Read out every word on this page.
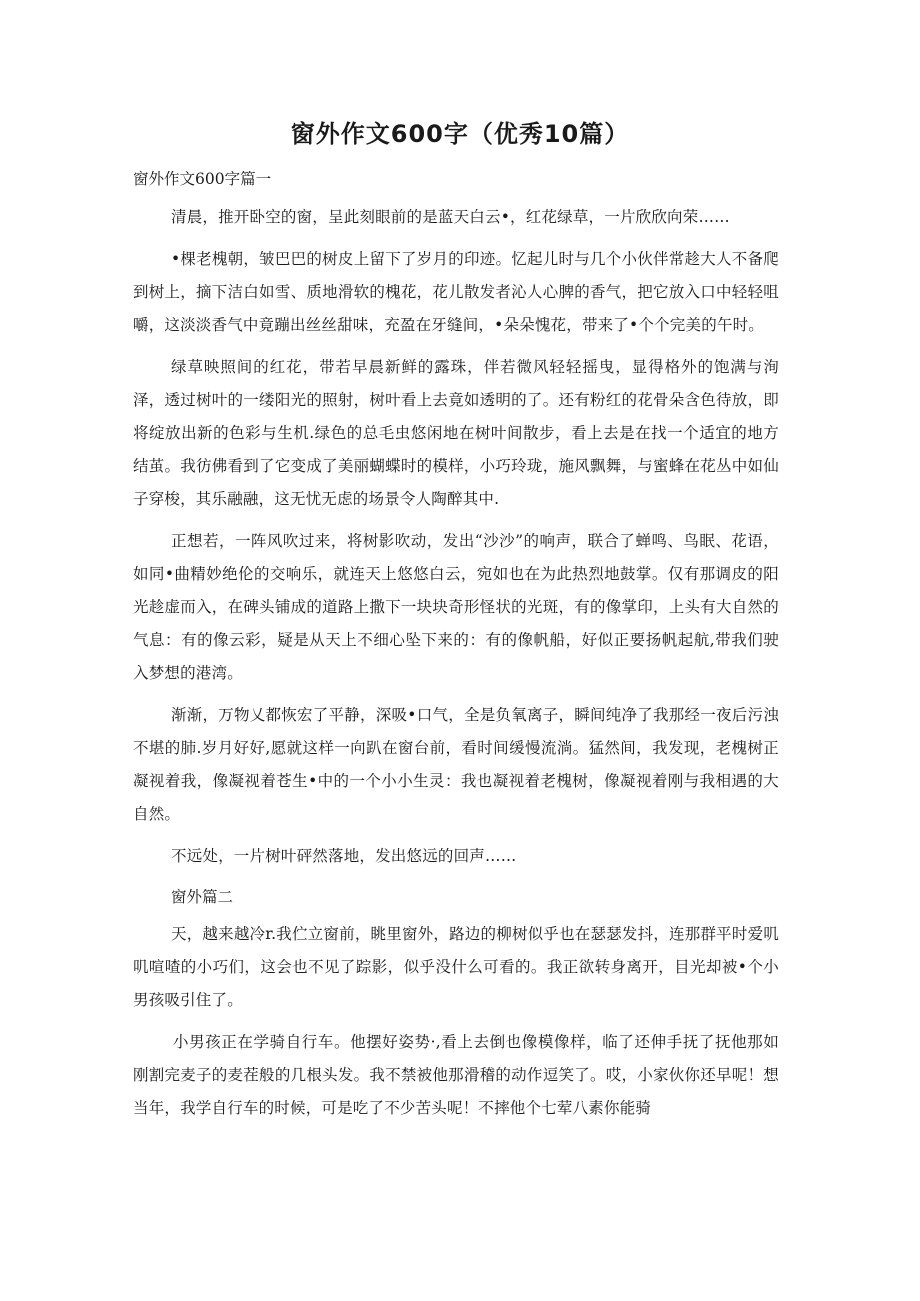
窗外作文600字（优秀10篇）

窗外作文600字篇一

清晨，推开卧空的窗，呈此刻眼前的是蓝天白云•，红花绿草，一片欣欣向荣……

•棵老槐朝，皱巴巴的树皮上留下了岁月的印迹。忆起儿时与几个小伙伴常趁大人不备爬到树上，摘下洁白如雪、质地滑软的槐花，花儿散发者沁人心脾的香气，把它放入口中轻轻咀嚼，这淡淡香气中竟蹦出丝丝甜味，充盈在牙缝间，•朵朵愧花，带来了•个个完美的午时。

绿草映照间的红花，带若早晨新鲜的露珠，伴若微风轻轻摇曳，显得格外的饱满与洵泽，透过树叶的一缕阳光的照射，树叶看上去竟如透明的了。还有粉红的花骨朵含色待放，即将绽放出新的色彩与生机.绿色的总毛虫悠闲地在树叶间散步，看上去是在找一个适宜的地方结茧。我彷佛看到了它变成了美丽蝴蝶时的模样，小巧玲珑，施风飘舞，与蜜蜂在花丛中如仙子穿梭，其乐融融，这无忧无虑的场景令人陶醉其中.

正想若，一阵风吹过来，将树影吹动，发出“沙沙”的响声，联合了蝉鸣、鸟眠、花语，如同•曲精妙绝伦的交响乐，就连天上悠悠白云，宛如也在为此热烈地鼓掌。仅有那调皮的阳光趁虚而入，在碑头铺成的道路上撒下一块块奇形怪状的光斑，有的像掌印，上头有大自然的气息：有的像云彩，疑是从天上不细心坠下来的：有的像帆船，好似正要扬帆起航,带我们驶入梦想的港湾。

渐渐，万物乂都恢宏了平静，深吸•口气，全是负氧离子，瞬间纯净了我那经一夜后污浊不堪的肺.岁月好好,愿就这样一向趴在窗台前，看时间缓慢流淌。猛然间，我发现，老槐树正凝视着我，像凝视着苍生•中的一个小小生灵：我也凝视着老槐树，像凝视着刚与我相遇的大自然。

不远处，一片树叶砰然落地，发出悠远的回声……

窗外篇二

天，越来越冷r.我伫立窗前，眺里窗外，路边的柳树似乎也在瑟瑟发抖，连那群平时爱叽叽喧喳的小巧们，这会也不见了踪影，似乎没什么可看的。我正欲转身离开，目光却被•个小男孩吸引住了。

小男孩正在学骑自行车。他摆好姿势·,看上去倒也像模像样，临了还伸手抚了抚他那如刚割完麦子的麦茬般的几根头发。我不禁被他那滑稽的动作逗笑了。哎，小家伙你还早呢！想当年，我学自行车的时候，可是吃了不少苦头呢！不摔他个七荤八素你能骑
